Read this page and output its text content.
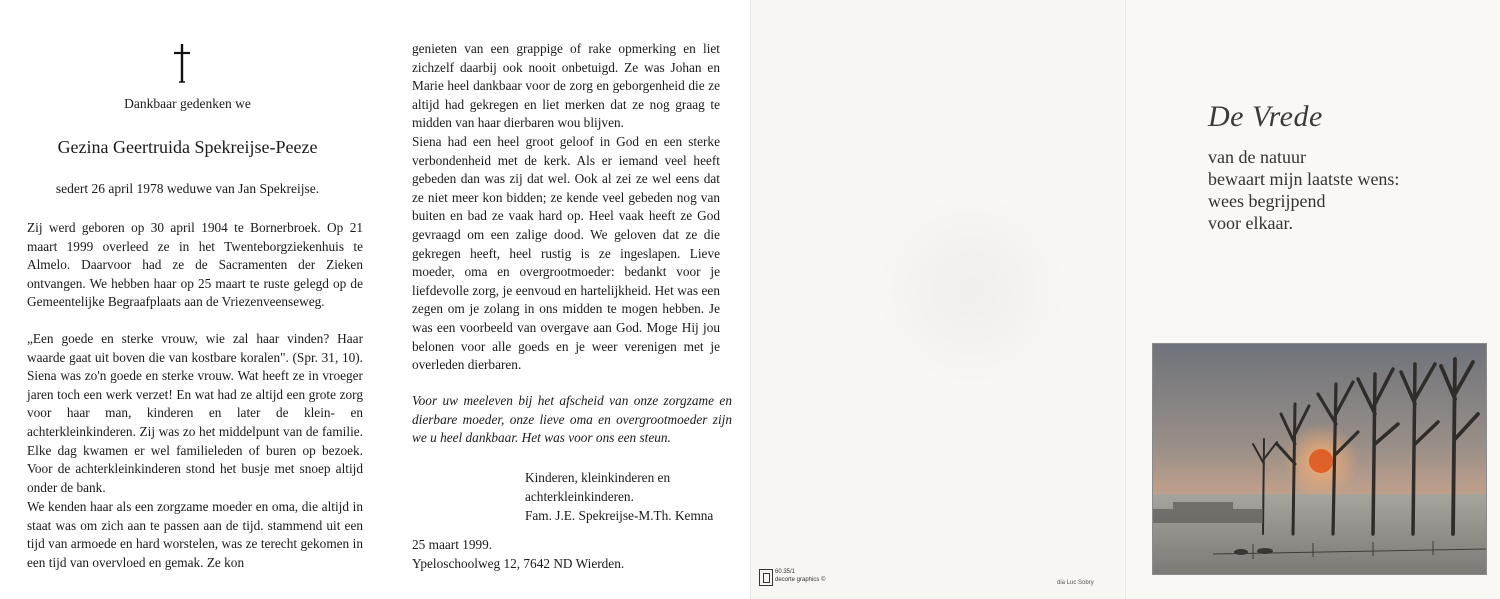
Dankbaar gedenken we
Gezina Geertruida Spekreijse-Peeze
sedert 26 april 1978 weduwe van Jan Spekreijse.

Zij werd geboren op 30 april 1904 te Bornerbroek. Op 21 maart 1999 overleed ze in het Twenteborgziekenhuis te Almelo. Daarvoor had ze de Sacramenten der Zieken ontvangen. We hebben haar op 25 maart te ruste gelegd op de Gemeentelijke Begraafplaats aan de Vriezenveenseweg.

„Een goede en sterke vrouw, wie zal haar vinden? Haar waarde gaat uit boven die van kostbare koralen". (Spr. 31, 10). Siena was zo'n goede en sterke vrouw. Wat heeft ze in vroeger jaren toch een werk verzet! En wat had ze altijd een grote zorg voor haar man, kinderen en later de klein- en achterkleinkinderen. Zij was zo het middelpunt van de familie. Elke dag kwamen er wel familieleden of buren op bezoek. Voor de achterkleinkinderen stond het busje met snoep altijd onder de bank.

We kenden haar als een zorgzame moeder en oma, die altijd in staat was om zich aan te passen aan de tijd. stammend uit een tijd van armoede en hard worstelen, was ze terecht gekomen in een tijd van overvloed en gemak. Ze kon

genieten van een grappige of rake opmerking en liet zichzelf daarbij ook nooit onbetuigd. Ze was Johan en Marie heel dankbaar voor de zorg en geborgenheid die ze altijd had gekregen en liet merken dat ze nog graag te midden van haar dierbaren wou blijven.

Siena had een heel groot geloof in God en een sterke verbondenheid met de kerk. Als er iemand veel heeft gebeden dan was zij dat wel. Ook al zei ze wel eens dat ze niet meer kon bidden; ze kende veel gebeden nog van buiten en bad ze vaak hard op. Heel vaak heeft ze God gevraagd om een zalige dood. We geloven dat ze die gekregen heeft, heel rustig is ze ingeslapen. Lieve moeder, oma en overgrootmoeder: bedankt voor je liefdevolle zorg, je eenvoud en hartelijkheid. Het was een zegen om je zolang in ons midden te mogen hebben. Je was een voorbeeld van overgave aan God. Moge Hij jou belonen voor alle goeds en je weer verenigen met je overleden dierbaren.

Voor uw meeleven bij het afscheid van onze zorgzame en dierbare moeder, onze lieve oma en overgrootmoeder zijn we u heel dankbaar. Het was voor ons een steun.

Kinderen, kleinkinderen en
achterkleinkinderen.
Fam. J.E. Spekreijse-M.Th. Kemna
25 maart 1999.
Ypeloschoolweg 12, 7642 ND Wierden.
60.35/1
decorte graphics ©	dia Luc Sobry
De Vrede
van de natuur
bewaart mijn laatste wens:
wees begrijpend
voor elkaar.
